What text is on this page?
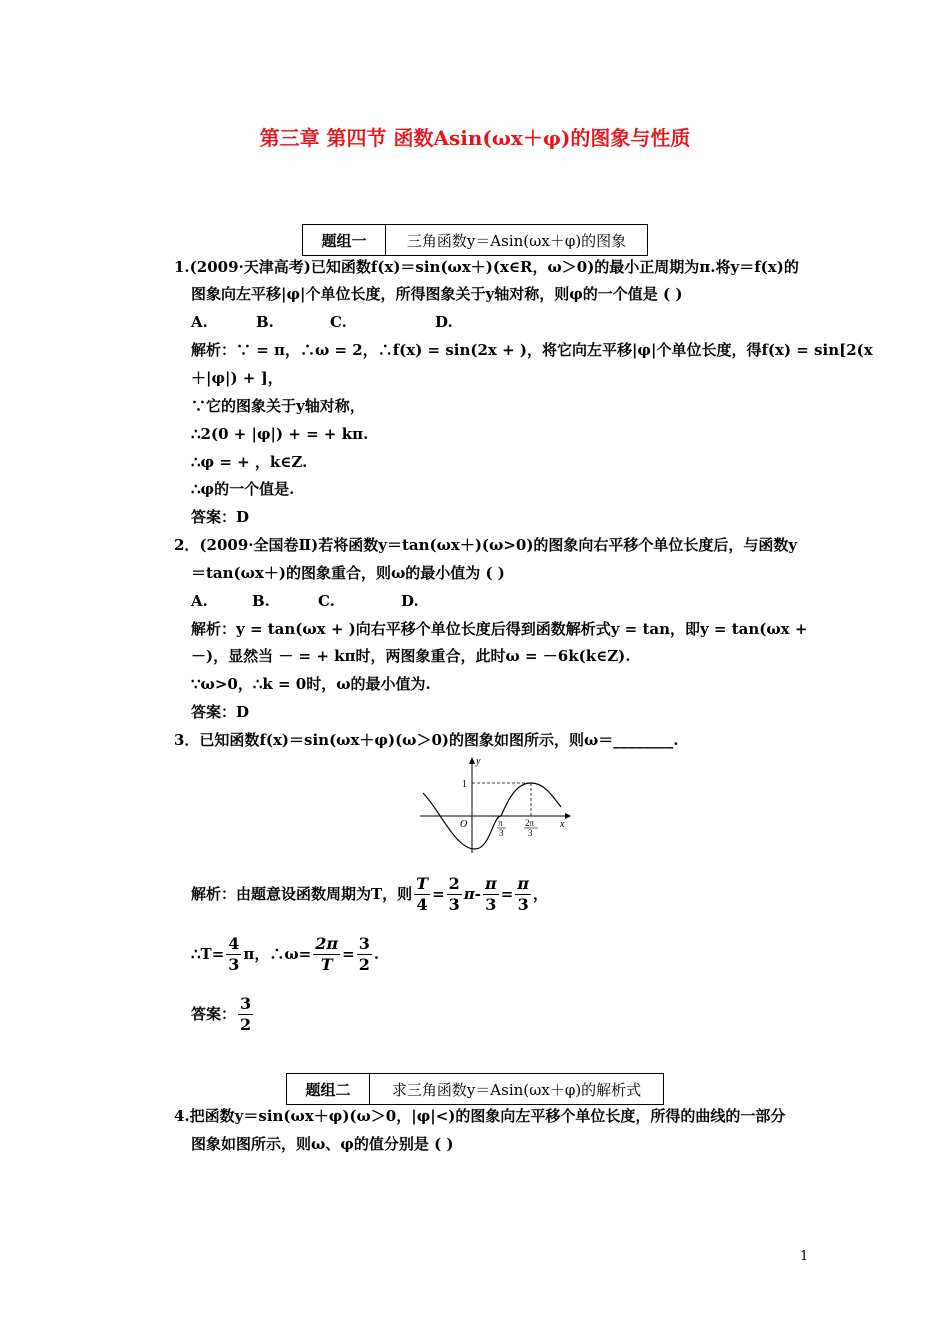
第三章 第四节 函数Asin(ωx＋φ)的图象与性质
题组一	三角函数y＝Asin(ωx＋φ)的图象
1.(2009·天津高考)已知函数f(x)＝sin(ωx＋)(x∈R，ω＞0)的最小正周期为π.将y＝f(x)的
图象向左平移|φ|个单位长度，所得图象关于y轴对称，则φ的一个值是 ( )
A.	B.	C.	D.
解析：∵ = π，∴ω = 2，∴f(x) = sin(2x + )，将它向左平移|φ|个单位长度，得f(x) = sin[2(x
＋|φ|) + ]，
∵它的图象关于y轴对称，
∴2(0 + |φ|) + = + kπ.
∴φ = + ，k∈Z.
∴φ的一个值是.
答案：D
2．(2009·全国卷Ⅱ)若将函数y＝tan(ωx＋)(ω>0)的图象向右平移个单位长度后，与函数y
＝tan(ωx＋)的图象重合，则ω的最小值为 ( )
A.	B.	C.	D.
解析：y = tan(ωx + )向右平移个单位长度后得到函数解析式y = tan，即y = tan(ωx +
－)，显然当 － = + kπ时，两图象重合，此时ω = －6k(k∈Z).
∵ω>0，∴k = 0时，ω的最小值为.
答案：D
3．已知函数f(x)＝sin(ωx＋φ)(ω＞0)的图象如图所示，则ω＝________.
y
x
O
1
π
3
2π
3
解析：由题意设函数周期为T，则 $\frac{T}{4} = \frac{2}{3}$ $\pi - \frac{\pi}{3} = \frac{\pi}{3}$ ，
∴T= $\frac{4}{3}$ π，∴ω= $\frac{2\pi}{T} = \frac{3}{2}$ .
答案： $\frac{3}{2}$
题组二	求三角函数y＝Asin(ωx＋φ)的解析式
4.把函数y＝sin(ωx＋φ)(ω＞0，|φ|<)的图象向左平移个单位长度，所得的曲线的一部分
图象如图所示，则ω、φ的值分别是 ( )
1
